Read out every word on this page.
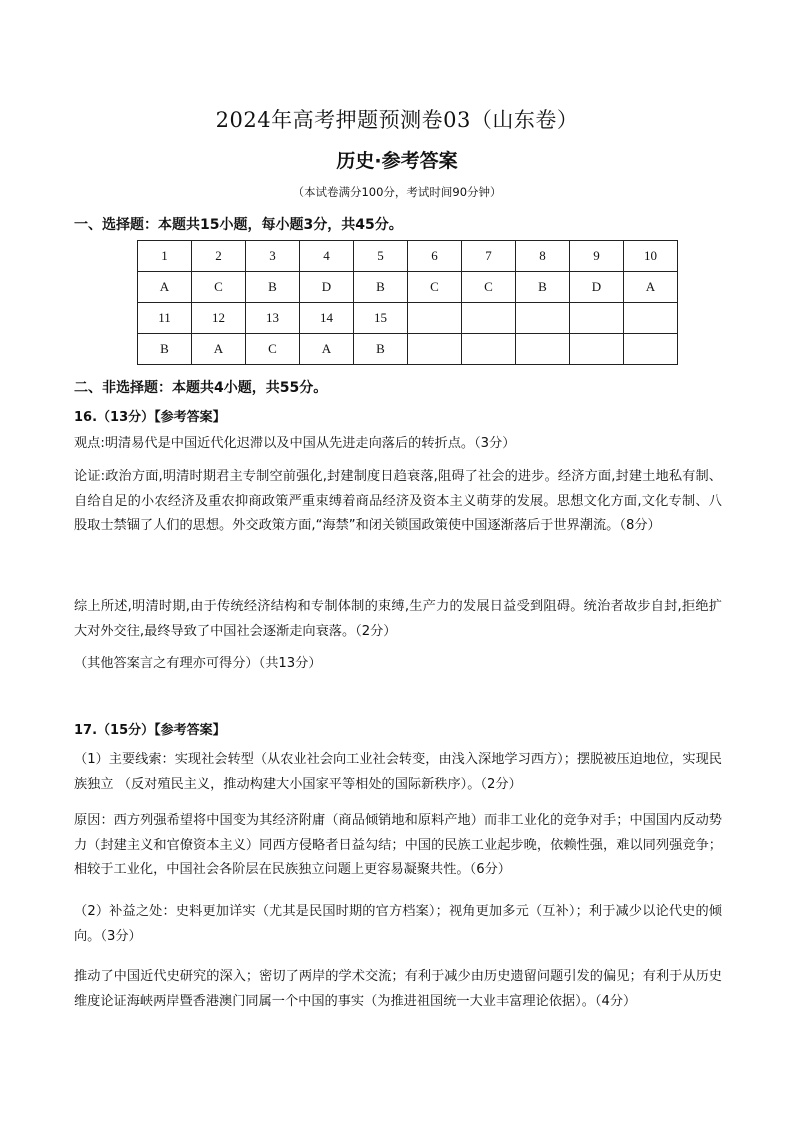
2024年高考押题预测卷03（山东卷）
历史·参考答案
（本试卷满分100分，考试时间90分钟）
一、选择题：本题共15小题，每小题3分，共45分。
1	2	3	4	5	6	7	8	9	10
A	C	B	D	B	C	C	B	D	A
11	12	13	14	15					
B	A	C	A	B					
二、非选择题：本题共4小题，共55分。
16.（13分）【参考答案】
观点:明清易代是中国近代化迟滞以及中国从先进走向落后的转折点。（3分）
论证:政治方面,明清时期君主专制空前强化,封建制度日趋衰落,阻碍了社会的进步。经济方面,封建土地私有制、自给自足的小农经济及重农抑商政策严重束缚着商品经济及资本主义萌芽的发展。思想文化方面,文化专制、八股取士禁锢了人们的思想。外交政策方面,“海禁”和闭关锁国政策使中国逐渐落后于世界潮流。（8分）
综上所述,明清时期,由于传统经济结构和专制体制的束缚,生产力的发展日益受到阻碍。统治者故步自封,拒绝扩大对外交往,最终导致了中国社会逐渐走向衰落。（2分）
（其他答案言之有理亦可得分）（共13分）
17.（15分）【参考答案】
（1）主要线索：实现社会转型（从农业社会向工业社会转变，由浅入深地学习西方）；摆脱被压迫地位，实现民族独立 （反对殖民主义，推动构建大小国家平等相处的国际新秩序）。（2分）
原因：西方列强希望将中国变为其经济附庸（商品倾销地和原料产地）而非工业化的竞争对手；中国国内反动势力（封建主义和官僚资本主义）同西方侵略者日益勾结；中国的民族工业起步晚，依赖性强，难以同列强竞争；相较于工业化，中国社会各阶层在民族独立问题上更容易凝聚共性。（6分）
（2）补益之处：史料更加详实（尤其是民国时期的官方档案）；视角更加多元（互补）；利于减少以论代史的倾向。（3分）
推动了中国近代史研究的深入；密切了两岸的学术交流；有利于减少由历史遗留问题引发的偏见；有利于从历史维度论证海峡两岸暨香港澳门同属一个中国的事实（为推进祖国统一大业丰富理论依据）。（4分）
